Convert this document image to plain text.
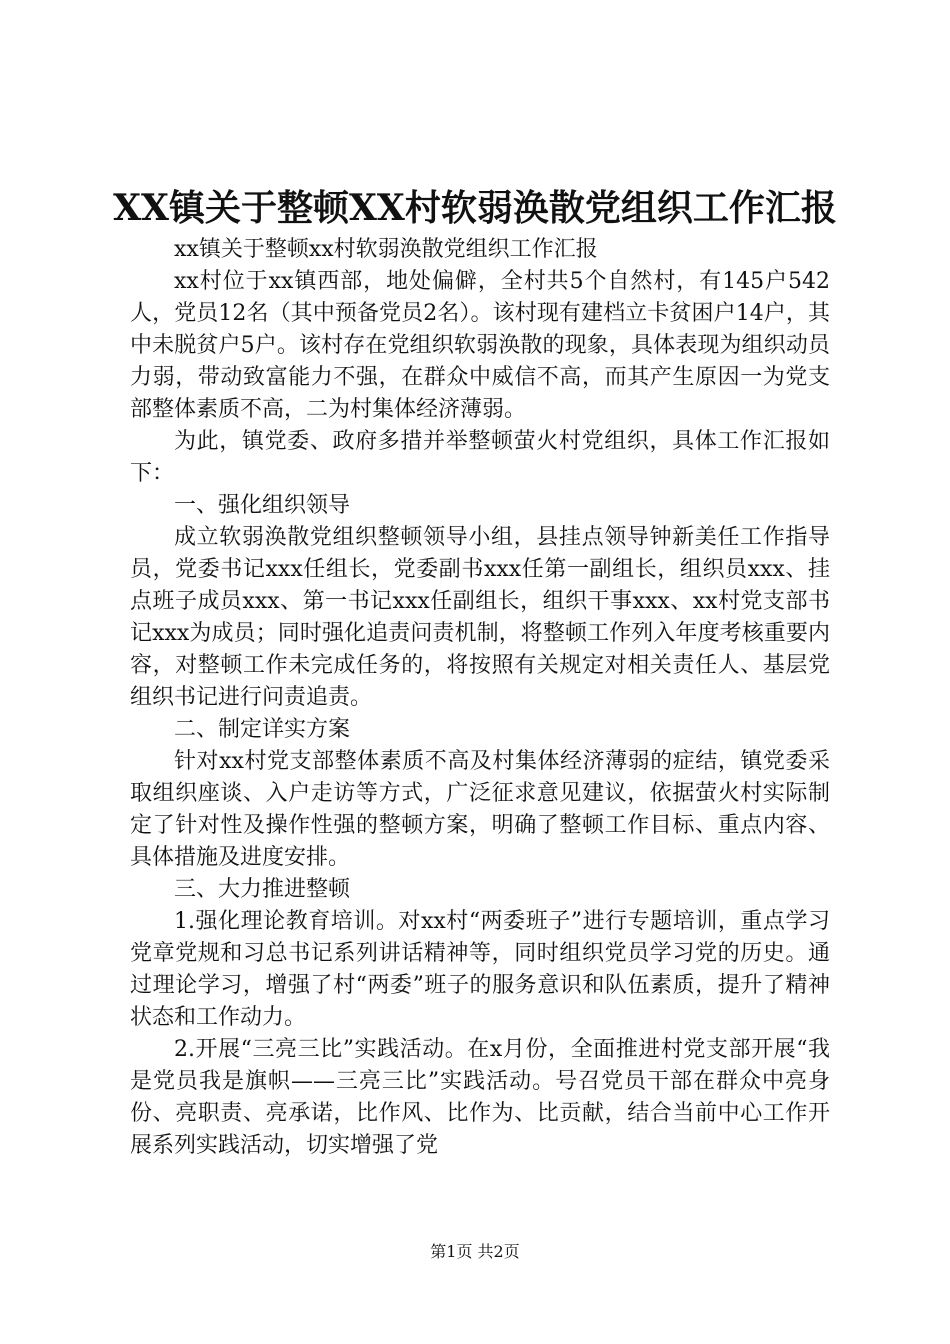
XX镇关于整顿XX村软弱涣散党组织工作汇报

xx镇关于整顿xx村软弱涣散党组织工作汇报

xx村位于xx镇西部，地处偏僻，全村共5个自然村，有145户542人，党员12名（其中预备党员2名）。该村现有建档立卡贫困户14户，其中未脱贫户5户。该村存在党组织软弱涣散的现象，具体表现为组织动员力弱，带动致富能力不强，在群众中威信不高，而其产生原因一为党支部整体素质不高，二为村集体经济薄弱。

为此，镇党委、政府多措并举整顿萤火村党组织，具体工作汇报如下：

一、强化组织领导

成立软弱涣散党组织整顿领导小组，县挂点领导钟新美任工作指导员，党委书记xxx任组长，党委副书xxx任第一副组长，组织员xxx、挂点班子成员xxx、第一书记xxx任副组长，组织干事xxx、xx村党支部书记xxx为成员；同时强化追责问责机制，将整顿工作列入年度考核重要内容，对整顿工作未完成任务的，将按照有关规定对相关责任人、基层党组织书记进行问责追责。

二、制定详实方案

针对xx村党支部整体素质不高及村集体经济薄弱的症结，镇党委采取组织座谈、入户走访等方式，广泛征求意见建议，依据萤火村实际制定了针对性及操作性强的整顿方案，明确了整顿工作目标、重点内容、具体措施及进度安排。

三、大力推进整顿

1.强化理论教育培训。对xx村“两委班子”进行专题培训，重点学习党章党规和习总书记系列讲话精神等，同时组织党员学习党的历史。通过理论学习，增强了村“两委”班子的服务意识和队伍素质，提升了精神状态和工作动力。

2.开展“三亮三比”实践活动。在x月份，全面推进村党支部开展“我是党员我是旗帜——三亮三比”实践活动。号召党员干部在群众中亮身份、亮职责、亮承诺，比作风、比作为、比贡献，结合当前中心工作开展系列实践活动，切实增强了党

第1页 共2页
